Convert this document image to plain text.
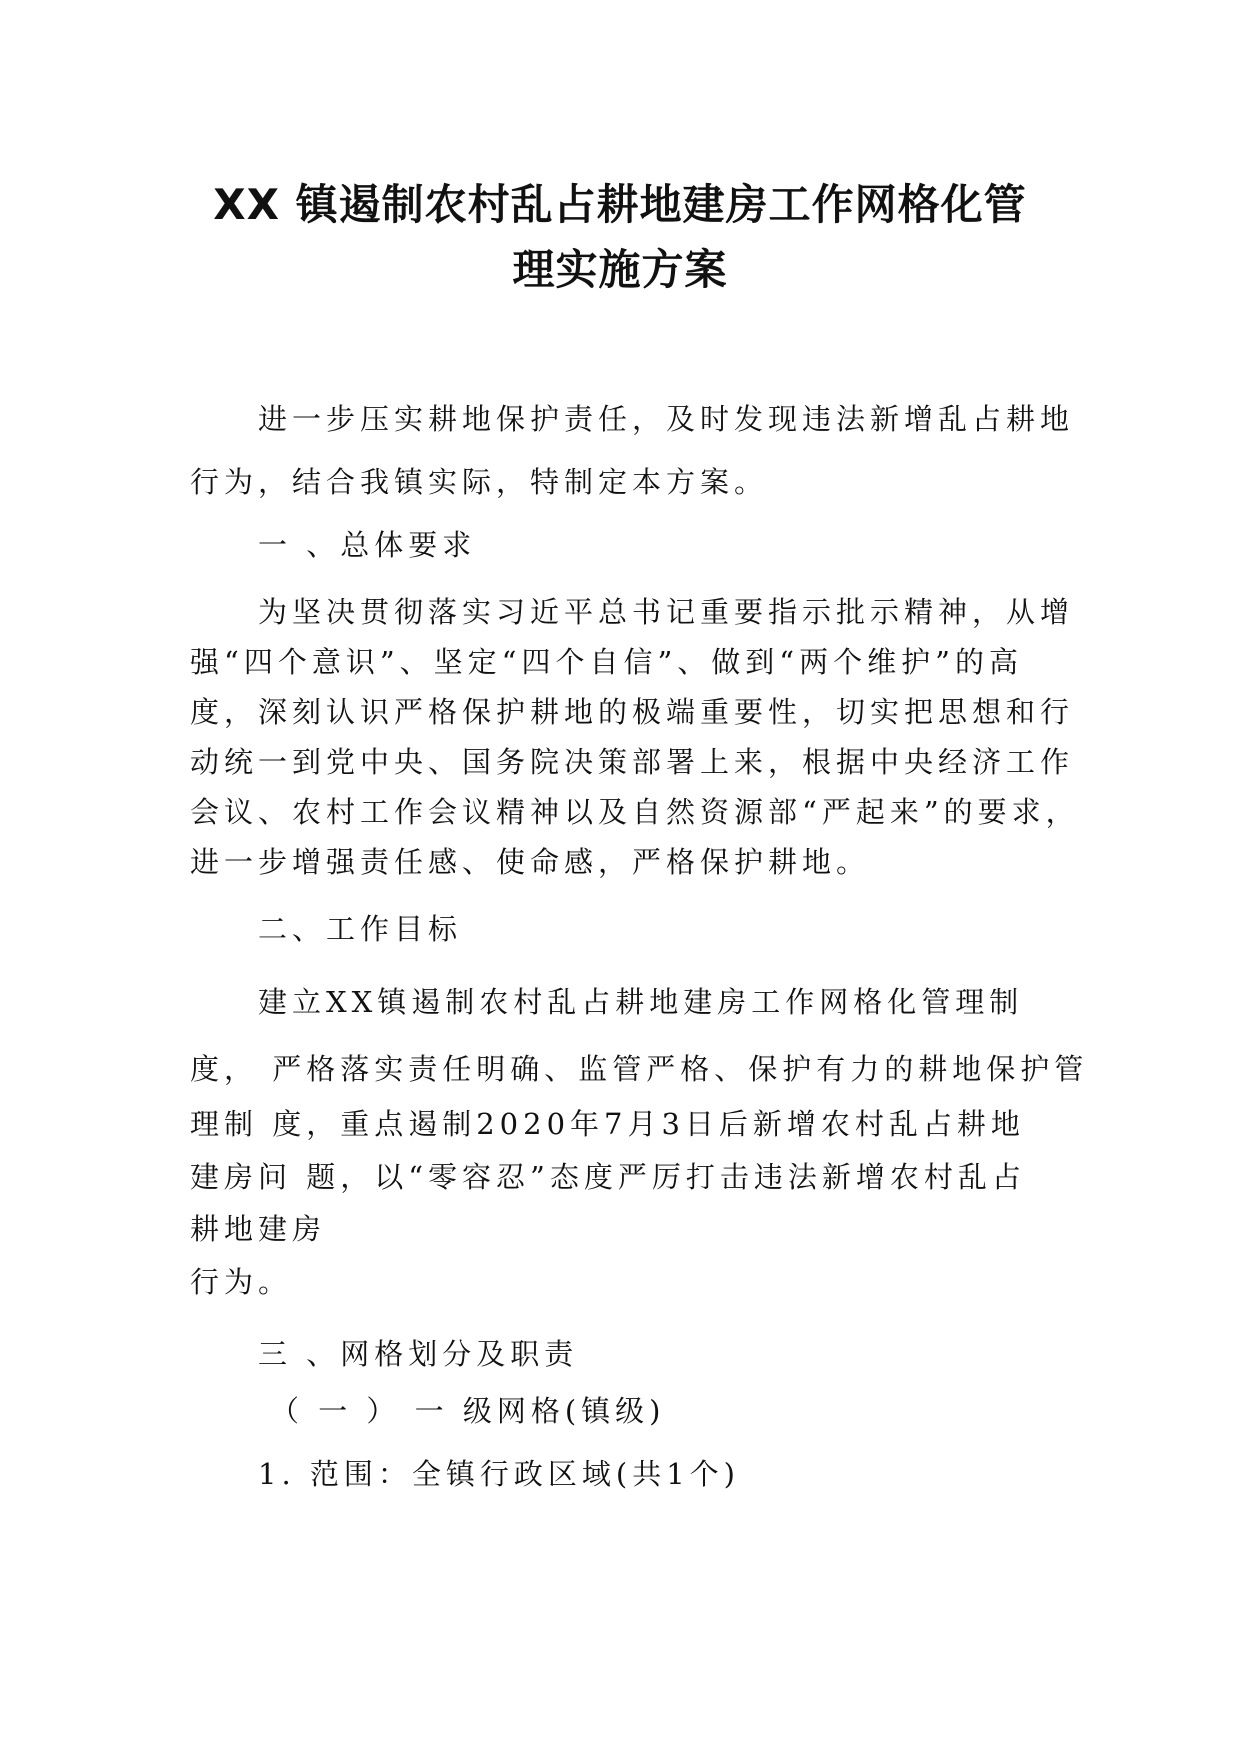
XX 镇遏制农村乱占耕地建房工作网格化管
理实施方案
进一步压实耕地保护责任，及时发现违法新增乱占耕地
行为，结合我镇实际，特制定本方案。
一 、总体要求
为坚决贯彻落实习近平总书记重要指示批示精神，从增
强“四个意识”、坚定“四个自信”、做到“两个维护”的高
度，深刻认识严格保护耕地的极端重要性，切实把思想和行
动统一到党中央、国务院决策部署上来，根据中央经济工作
会议、农村工作会议精神以及自然资源部“严起来”的要求，
进一步增强责任感、使命感，严格保护耕地。
二、工作目标
建立XX镇遏制农村乱占耕地建房工作网格化管理制
度， 严格落实责任明确、监管严格、保护有力的耕地保护管
理制 度，重点遏制2020年7月3日后新增农村乱占耕地
建房问 题，以“零容忍”态度严厉打击违法新增农村乱占
耕地建房
行为。
三 、网格划分及职责
（ 一 ） 一 级网格(镇级)
1. 范围：全镇行政区域(共1个)
